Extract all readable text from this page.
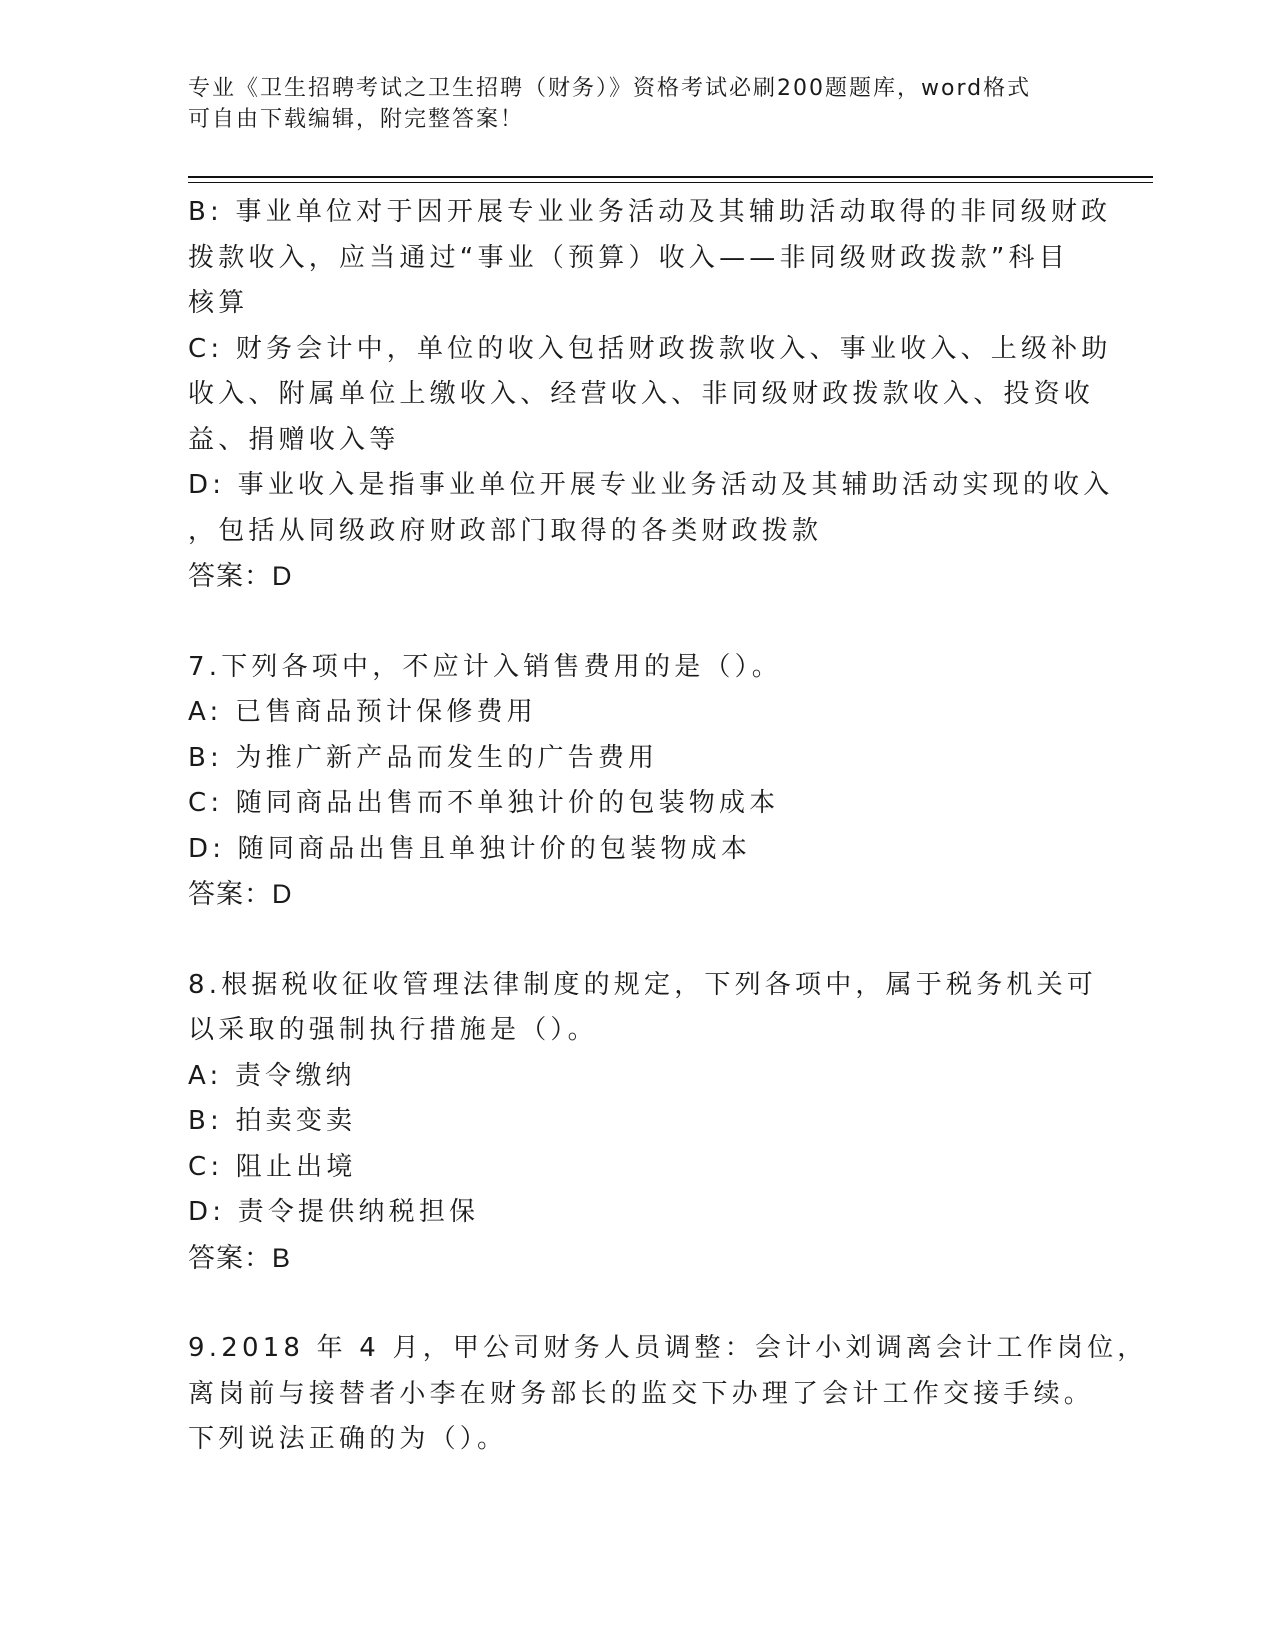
专业《卫生招聘考试之卫生招聘（财务）》资格考试必刷200题题库，word格式
可自由下载编辑，附完整答案！
B: 事业单位对于因开展专业业务活动及其辅助活动取得的非同级财政
拨款收入，应当通过“事业（预算）收入——非同级财政拨款”科目
核算
C: 财务会计中，单位的收入包括财政拨款收入、事业收入、上级补助
收入、附属单位上缴收入、经营收入、非同级财政拨款收入、投资收
益、捐赠收入等
D: 事业收入是指事业单位开展专业业务活动及其辅助活动实现的收入
，包括从同级政府财政部门取得的各类财政拨款
答案：D
7.下列各项中，不应计入销售费用的是（）。
A: 已售商品预计保修费用
B: 为推广新产品而发生的广告费用
C: 随同商品出售而不单独计价的包装物成本
D: 随同商品出售且单独计价的包装物成本
答案：D
8.根据税收征收管理法律制度的规定，下列各项中，属于税务机关可
以采取的强制执行措施是（）。
A: 责令缴纳
B: 拍卖变卖
C: 阻止出境
D: 责令提供纳税担保
答案：B
9.2018 年 4 月，甲公司财务人员调整：会计小刘调离会计工作岗位，
离岗前与接替者小李在财务部长的监交下办理了会计工作交接手续。
下列说法正确的为（）。
